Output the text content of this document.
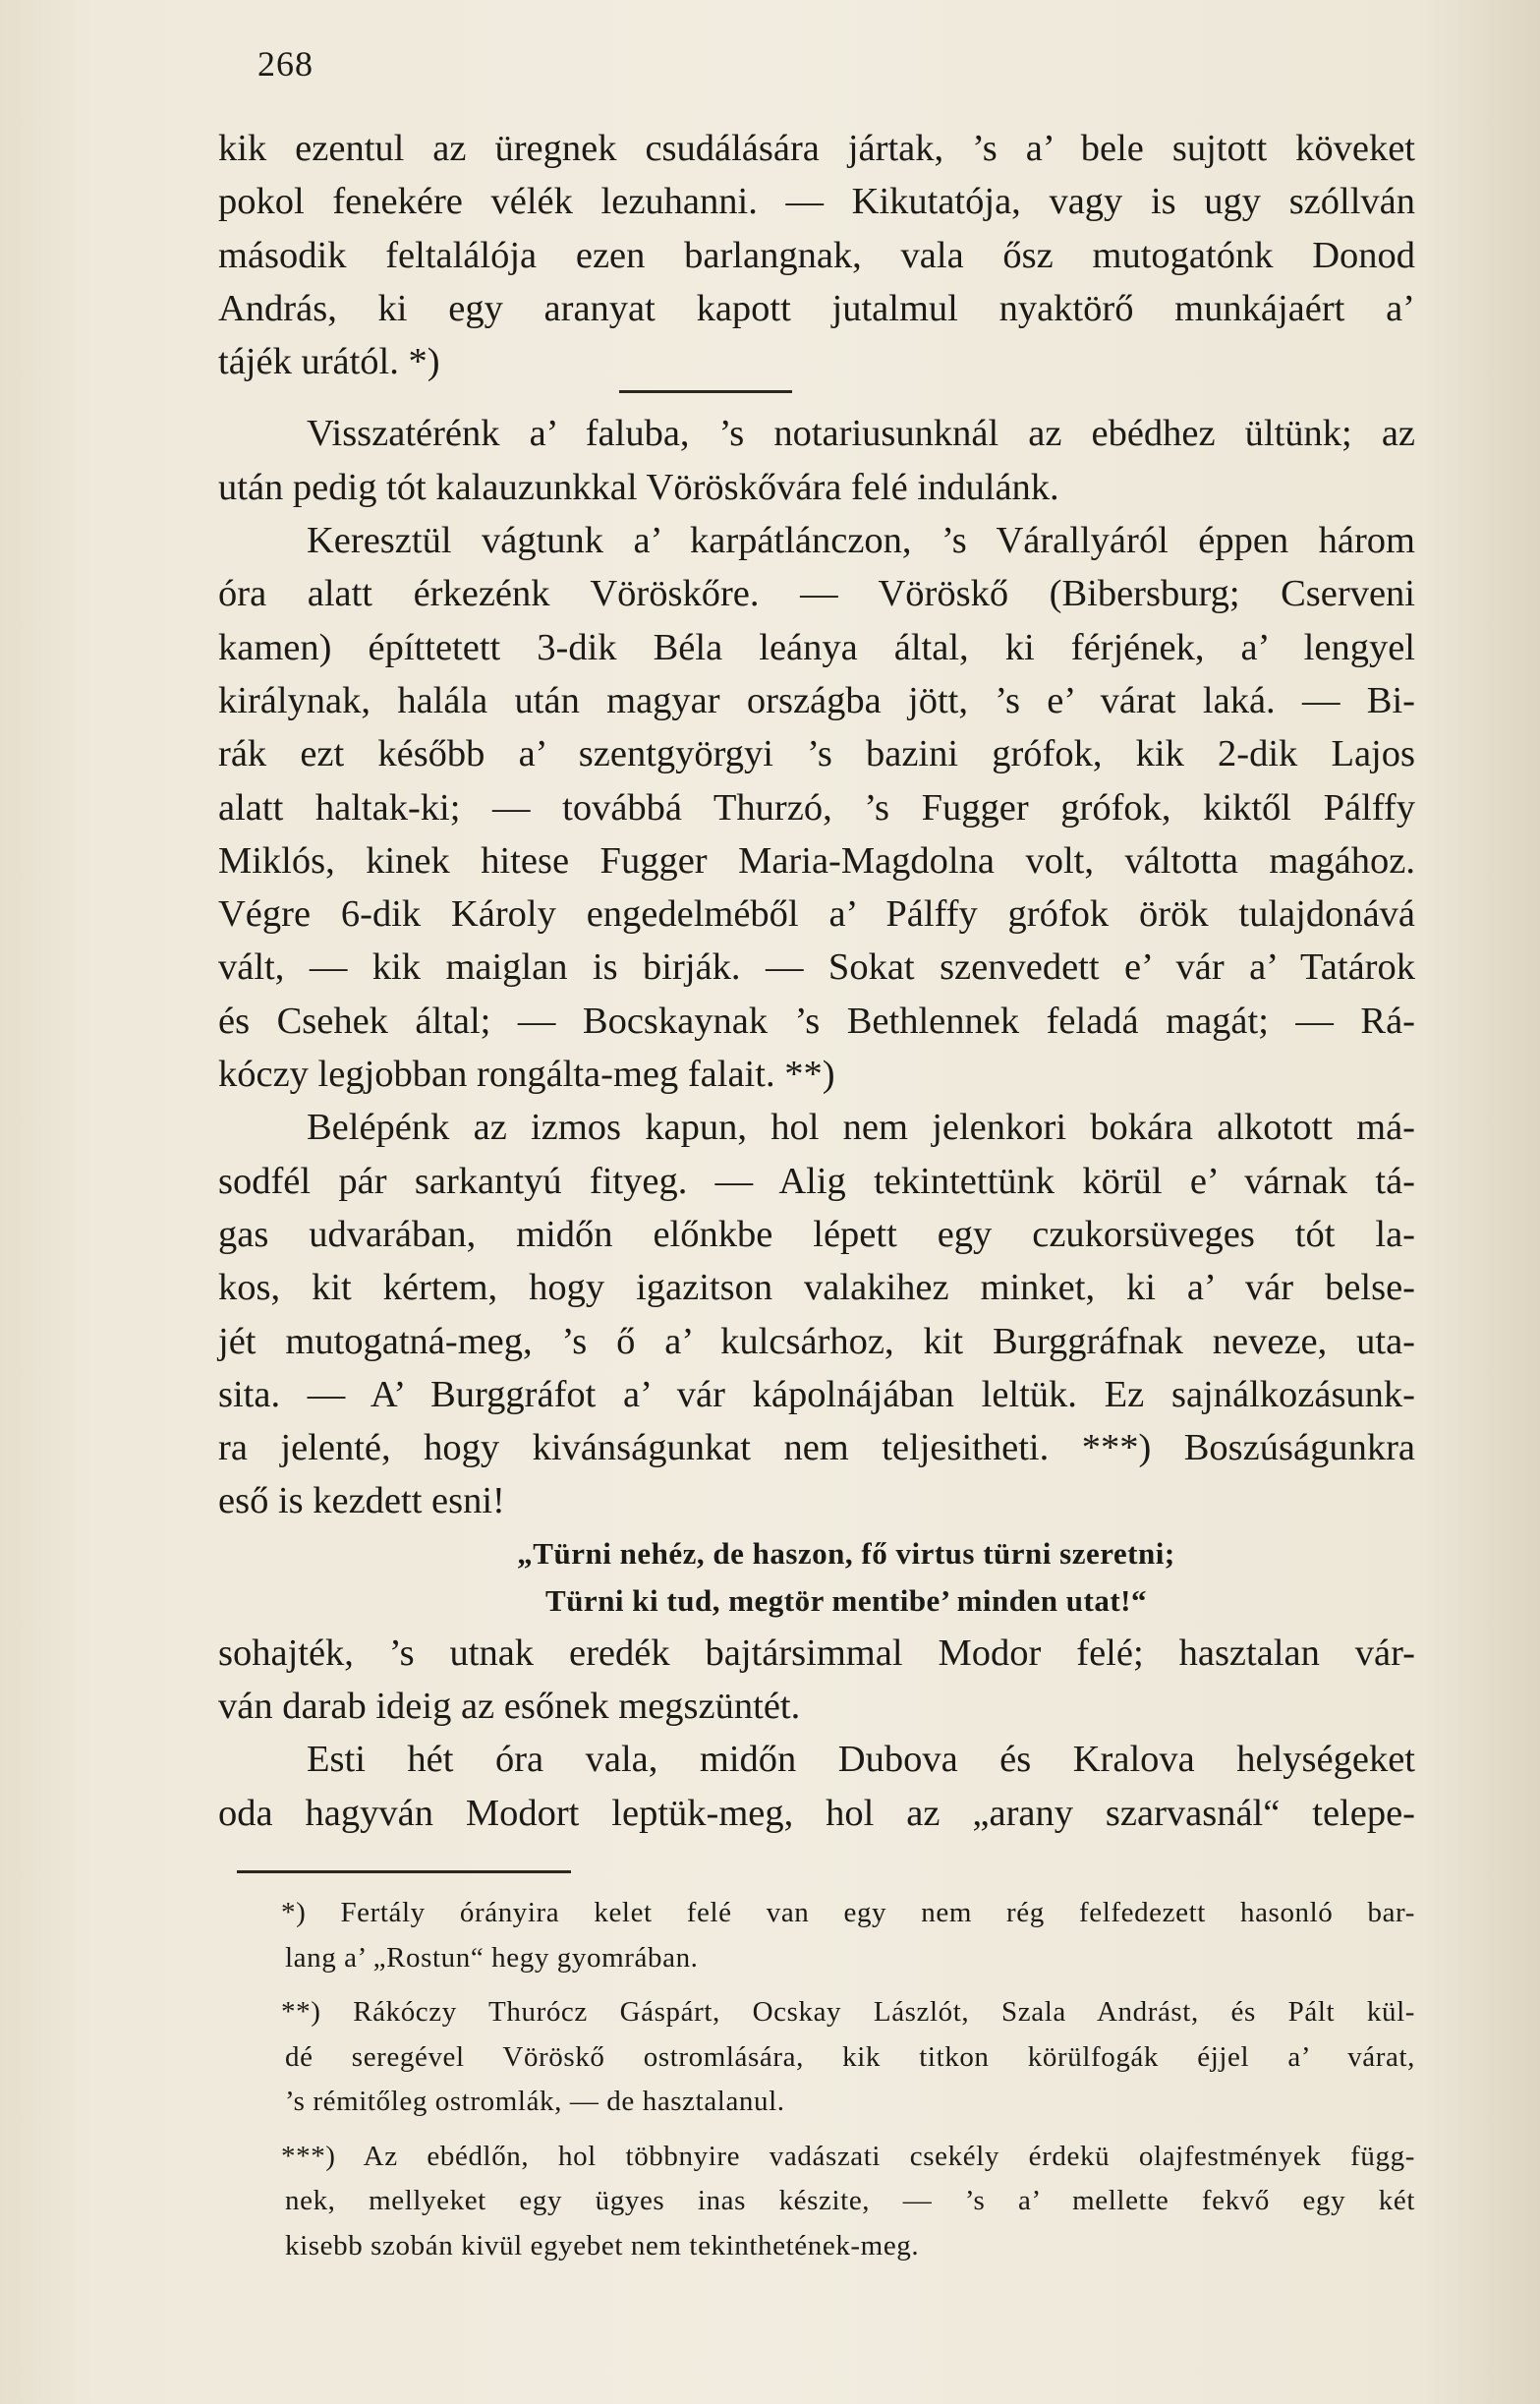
268
kik ezentul az üregnek csudálására jártak, ’s a’ bele sujtott köveket
pokol fenekére vélék lezuhanni. — Kikutatója, vagy is ugy szóllván
második feltalálója ezen barlangnak, vala ősz mutogatónk Donod
András, ki egy aranyat kapott jutalmul nyaktörő munkájaért a’
tájék urától. *)
Visszatérénk a’ faluba, ’s notariusunknál az ebédhez ültünk; az
után pedig tót kalauzunkkal Vöröskővára felé indulánk.
Keresztül vágtunk a’ karpátlánczon, ’s Várallyáról éppen három
óra alatt érkezénk Vöröskőre. — Vöröskő (Bibersburg; Cserveni
kamen) építtetett 3-dik Béla leánya által, ki férjének, a’ lengyel
királynak, halála után magyar országba jött, ’s e’ várat laká. — Bi-
rák ezt később a’ szentgyörgyi ’s bazini grófok, kik 2-dik Lajos
alatt haltak-ki; — továbbá Thurzó, ’s Fugger grófok, kiktől Pálffy
Miklós, kinek hitese Fugger Maria-Magdolna volt, váltotta magához.
Végre 6-dik Károly engedelméből a’ Pálffy grófok örök tulajdonává
vált, — kik maiglan is birják. — Sokat szenvedett e’ vár a’ Tatárok
és Csehek által; — Bocskaynak ’s Bethlennek feladá magát; — Rá-
kóczy legjobban rongálta-meg falait. **)
Belépénk az izmos kapun, hol nem jelenkori bokára alkotott má-
sodfél pár sarkantyú fityeg. — Alig tekintettünk körül e’ várnak tá-
gas udvarában, midőn előnkbe lépett egy czukorsüveges tót la-
kos, kit kértem, hogy igazitson valakihez minket, ki a’ vár belse-
jét mutogatná-meg, ’s ő a’ kulcsárhoz, kit Burggráfnak neveze, uta-
sita. — A’ Burggráfot a’ vár kápolnájában leltük. Ez sajnálkozásunk-
ra jelenté, hogy kivánságunkat nem teljesitheti. ***) Boszúságunkra
eső is kezdett esni!
„Türni nehéz, de haszon, fő virtus türni szeretni;
Türni ki tud, megtör mentibe’ minden utat!“
sohajték, ’s utnak eredék bajtársimmal Modor felé; hasztalan vár-
ván darab ideig az esőnek megszüntét.
Esti hét óra vala, midőn Dubova és Kralova helységeket
oda hagyván Modort leptük-meg, hol az „arany szarvasnál“ telepe-
*) Fertály órányira kelet felé van egy nem rég felfedezett hasonló bar-
lang a’ „Rostun“ hegy gyomrában.
**) Rákóczy Thurócz Gáspárt, Ocskay Lászlót, Szala Andrást, és Pált kül-
dé seregével Vöröskő ostromlására, kik titkon körülfogák éjjel a’ várat,
’s rémitőleg ostromlák, — de hasztalanul.
***) Az ebédlőn, hol többnyire vadászati csekély érdekü olajfestmények függ-
nek, mellyeket egy ügyes inas készite, — ’s a’ mellette fekvő egy két
kisebb szobán kivül egyebet nem tekinthetének-meg.
